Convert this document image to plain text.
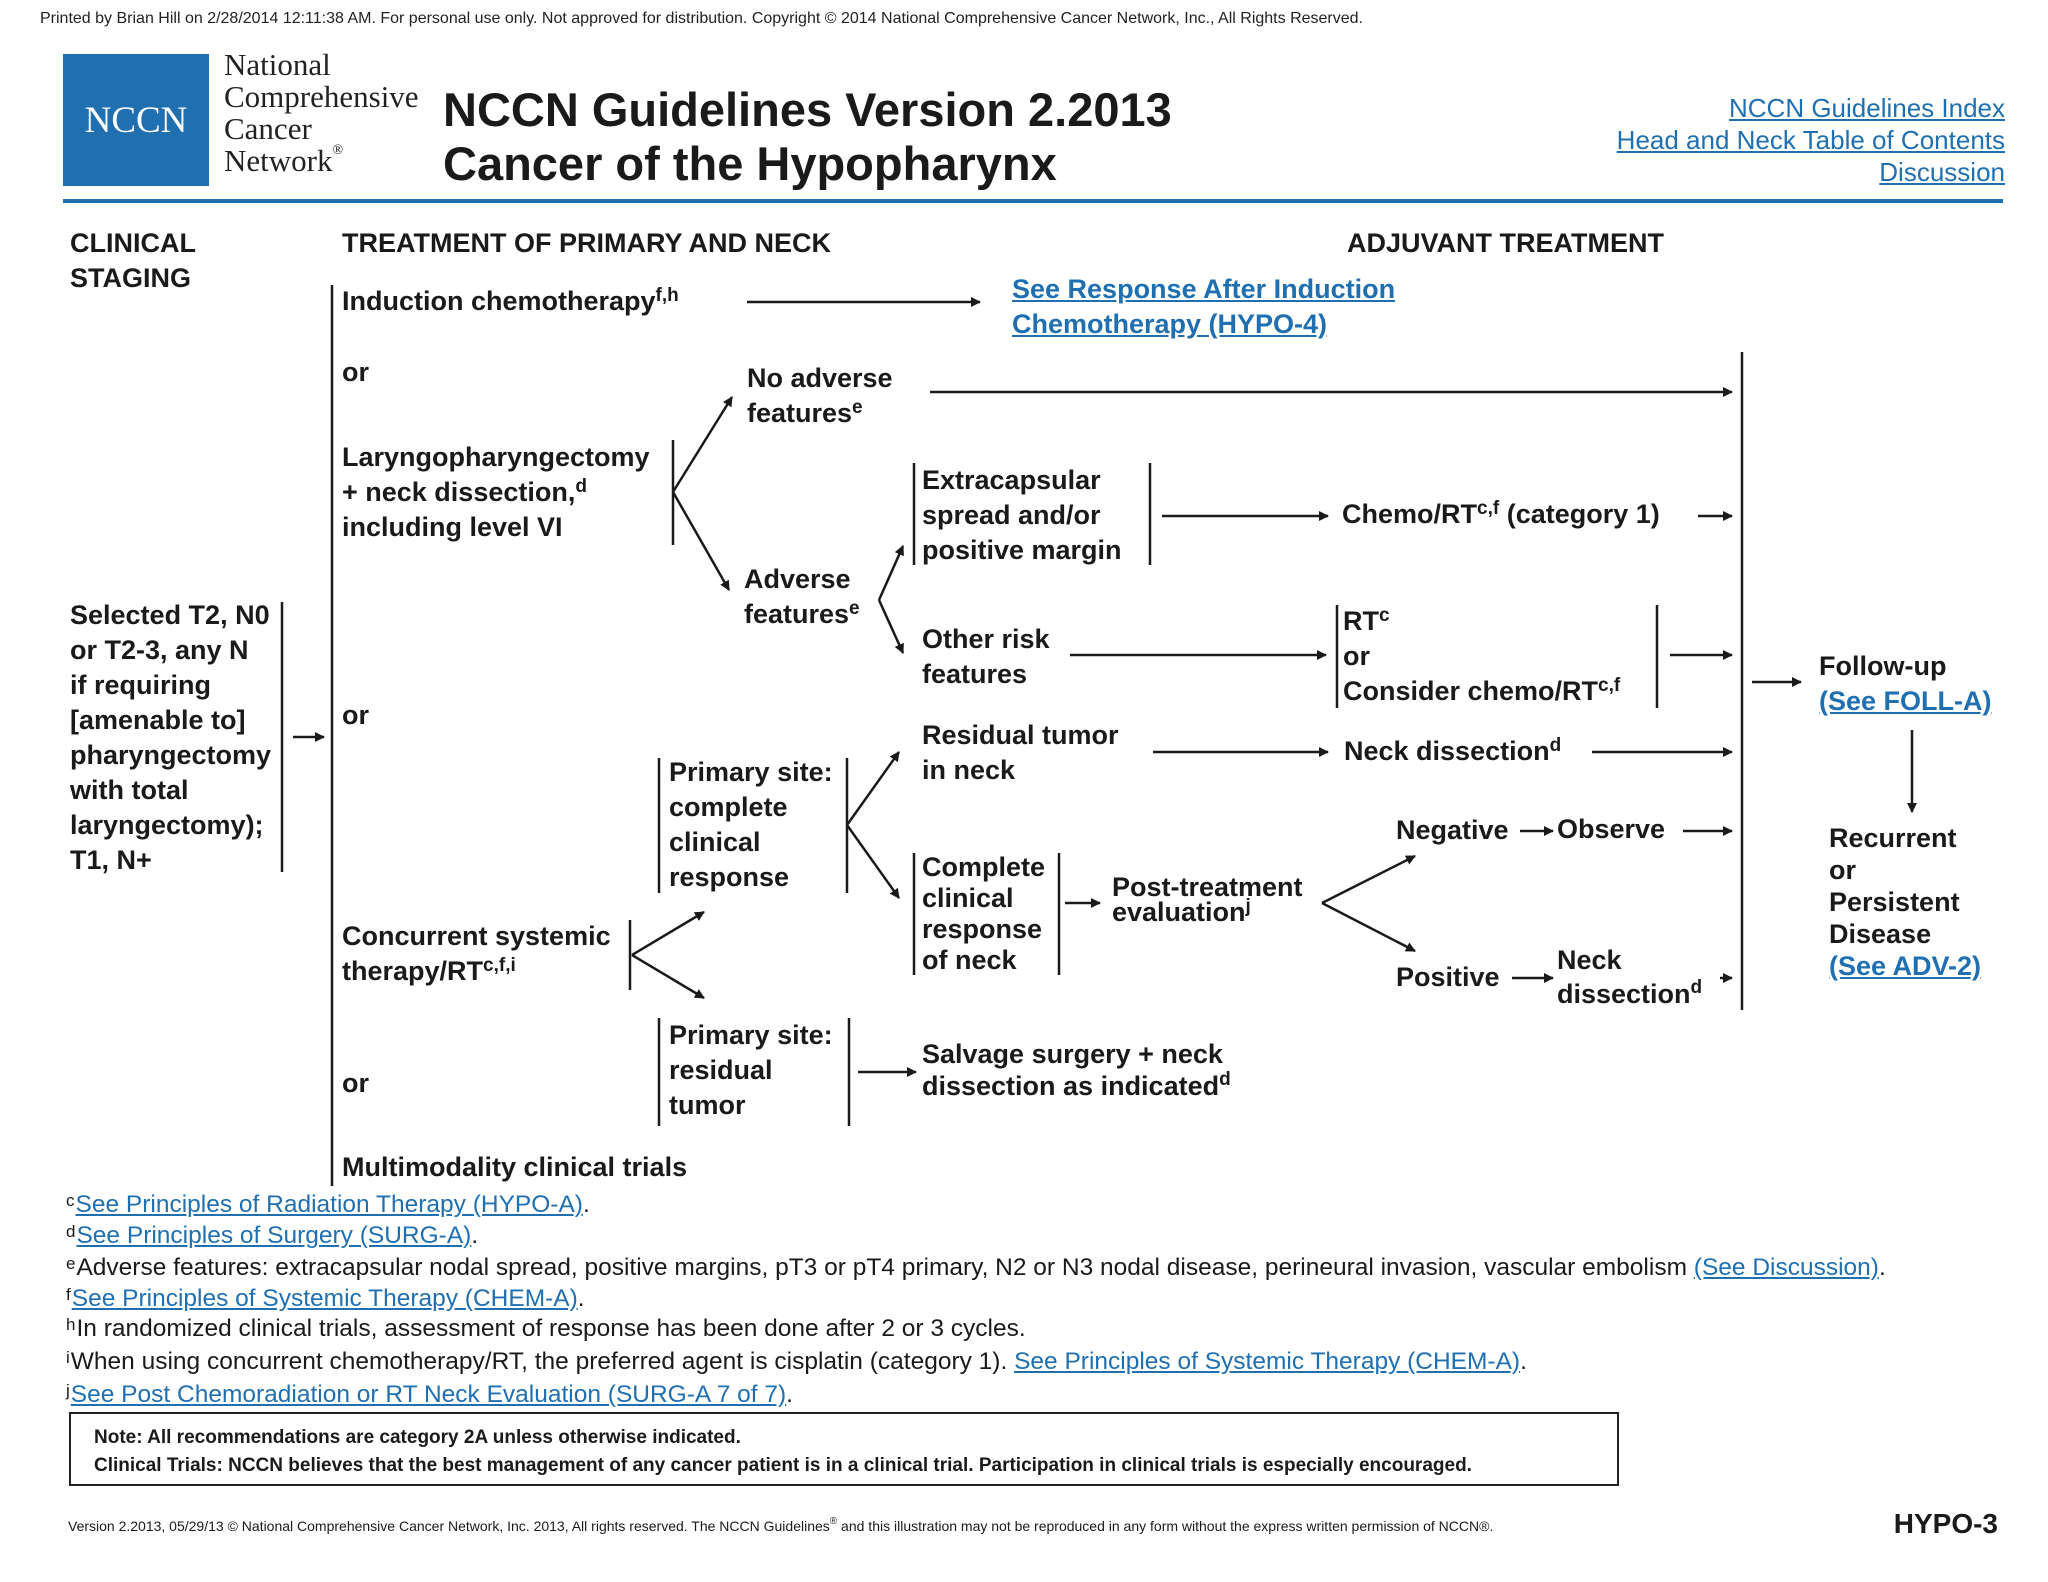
Printed by Brian Hill on 2/28/2014 12:11:38 AM. For personal use only. Not approved for distribution. Copyright © 2014 National Comprehensive Cancer Network, Inc., All Rights Reserved.
NCCN
National
Comprehensive
Cancer
Network®
NCCN Guidelines Version 2.2013
Cancer of the Hypopharynx
NCCN Guidelines Index
Head and Neck Table of Contents
Discussion
CLINICAL
STAGING
TREATMENT OF PRIMARY AND NECK	ADJUVANT TREATMENT
Selected T2, N0
or T2-3, any N
if requiring
[amenable to]
pharyngectomy
with total
laryngectomy);
T1, N+
Induction chemotherapy$^{f,h}$	See Response After Induction
Chemotherapy (HYPO-4)
or
Laryngopharyngectomy
+ neck dissection,$^d$
including level VI
No adverse
features$^e$
Adverse
features$^e$
Extracapsular
spread and/or
positive margin
Chemo/RT$^{c,f}$ (category 1)
Other risk
features
$RT^c$
or
Consider chemo/RT$^{c,f}$
or
Residual tumor
in neck
Neck dissection$^d$
Primary site:
complete
clinical
response	Complete
clinical
response
of neck
Post-treatment
evaluation$^j$
Negative Observe
Positive
Neck
dissection$^d$
Concurrent systemic
therapy/RT$^{c,f,i}$
Primary site:
residual
tumor
Salvage surgery + neck
dissection as indicated$^d$
or
Multimodality clinical trials
Follow-up
(See FOLL-A)
Recurrent
or
Persistent
Disease
(See ADV-2)
$^c$See Principles of Radiation Therapy (HYPO-A).
$^d$See Principles of Surgery (SURG-A).
$^e$Adverse features: extracapsular nodal spread, positive margins, pT3 or pT4 primary, N2 or N3 nodal disease, perineural invasion, vascular embolism (See Discussion).
$^f$See Principles of Systemic Therapy (CHEM-A).
$^h$In randomized clinical trials, assessment of response has been done after 2 or 3 cycles.
$^i$When using concurrent chemotherapy/RT, the preferred agent is cisplatin (category 1). See Principles of Systemic Therapy (CHEM-A).
$^j$See Post Chemoradiation or RT Neck Evaluation (SURG-A 7 of 7).
Note: All recommendations are category 2A unless otherwise indicated.
Clinical Trials: NCCN believes that the best management of any cancer patient is in a clinical trial. Participation in clinical trials is especially encouraged.
Version 2.2013, 05/29/13 © National Comprehensive Cancer Network, Inc. 2013, All rights reserved. The NCCN Guidelines® and this illustration may not be reproduced in any form without the express written permission of NCCN®.	HYPO-3
